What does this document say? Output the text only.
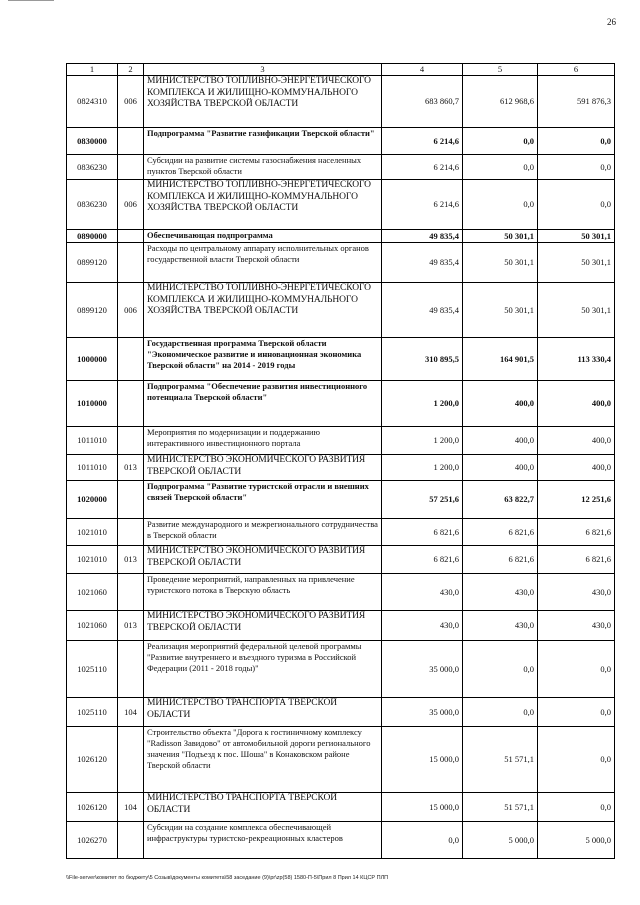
26
1	2	3	4	5	6
0824310	006	МИНИСТЕРСТВО ТОПЛИВНО-ЭНЕРГЕТИЧЕСКОГО КОМПЛЕКСА И ЖИЛИЩНО-КОММУНАЛЬНОГО ХОЗЯЙСТВА ТВЕРСКОЙ ОБЛАСТИ	683 860,7	612 968,6	591 876,3
0830000		Подпрограмма "Развитие газификации Тверской области"	6 214,6	0,0	0,0
0836230		Субсидии на развитие системы газоснабжения населенных пунктов Тверской области	6 214,6	0,0	0,0
0836230	006	МИНИСТЕРСТВО ТОПЛИВНО-ЭНЕРГЕТИЧЕСКОГО КОМПЛЕКСА И ЖИЛИЩНО-КОММУНАЛЬНОГО ХОЗЯЙСТВА ТВЕРСКОЙ ОБЛАСТИ	6 214,6	0,0	0,0
0890000		Обеспечивающая подпрограмма	49 835,4	50 301,1	50 301,1
0899120		Расходы по центральному аппарату исполнительных органов государственной власти Тверской области	49 835,4	50 301,1	50 301,1
0899120	006	МИНИСТЕРСТВО ТОПЛИВНО-ЭНЕРГЕТИЧЕСКОГО КОМПЛЕКСА И ЖИЛИЩНО-КОММУНАЛЬНОГО ХОЗЯЙСТВА ТВЕРСКОЙ ОБЛАСТИ	49 835,4	50 301,1	50 301,1
1000000		Государственная программа Тверской области "Экономическое развитие и инновационная экономика Тверской области" на 2014 - 2019 годы	310 895,5	164 901,5	113 330,4
1010000		Подпрограмма "Обеспечение развития инвестиционного потенциала Тверской области"	1 200,0	400,0	400,0
1011010		Мероприятия по модернизации и поддержанию интерактивного инвестиционного портала	1 200,0	400,0	400,0
1011010	013	МИНИСТЕРСТВО ЭКОНОМИЧЕСКОГО РАЗВИТИЯ ТВЕРСКОЙ ОБЛАСТИ	1 200,0	400,0	400,0
1020000		Подпрограмма "Развитие туристской отрасли и внешних связей Тверской области"	57 251,6	63 822,7	12 251,6
1021010		Развитие международного и межрегионального сотрудничества в Тверской области	6 821,6	6 821,6	6 821,6
1021010	013	МИНИСТЕРСТВО ЭКОНОМИЧЕСКОГО РАЗВИТИЯ ТВЕРСКОЙ ОБЛАСТИ	6 821,6	6 821,6	6 821,6
1021060		Проведение мероприятий, направленных на привлечение туристского потока в Тверскую область	430,0	430,0	430,0
1021060	013	МИНИСТЕРСТВО ЭКОНОМИЧЕСКОГО РАЗВИТИЯ ТВЕРСКОЙ ОБЛАСТИ	430,0	430,0	430,0
1025110		Реализация мероприятий федеральной целевой программы "Развитие внутреннего и въездного туризма в Российской Федерации (2011 - 2018 годы)"	35 000,0	0,0	0,0
1025110	104	МИНИСТЕРСТВО ТРАНСПОРТА ТВЕРСКОЙ ОБЛАСТИ	35 000,0	0,0	0,0
1026120		Строительство объекта "Дорога к гостиничному комплексу "Radisson Завидово" от автомобильной дороги регионального значения "Подъезд к пос. Шоша" в Конаковском районе Тверской области	15 000,0	51 571,1	0,0
1026120	104	МИНИСТЕРСТВО ТРАНСПОРТА ТВЕРСКОЙ ОБЛАСТИ	15 000,0	51 571,1	0,0
1026270		Субсидии на создание комплекса обеспечивающей инфраструктуры туристско-рекреационных кластеров	0,0	5 000,0	5 000,0
\\File-server\комитет по бюджету\5 Созыв\документы комитета\58 заседание (9)\pr\zp(58) 1580-П-5\Прил 8 Прил 14 КЦСР ПЛП
